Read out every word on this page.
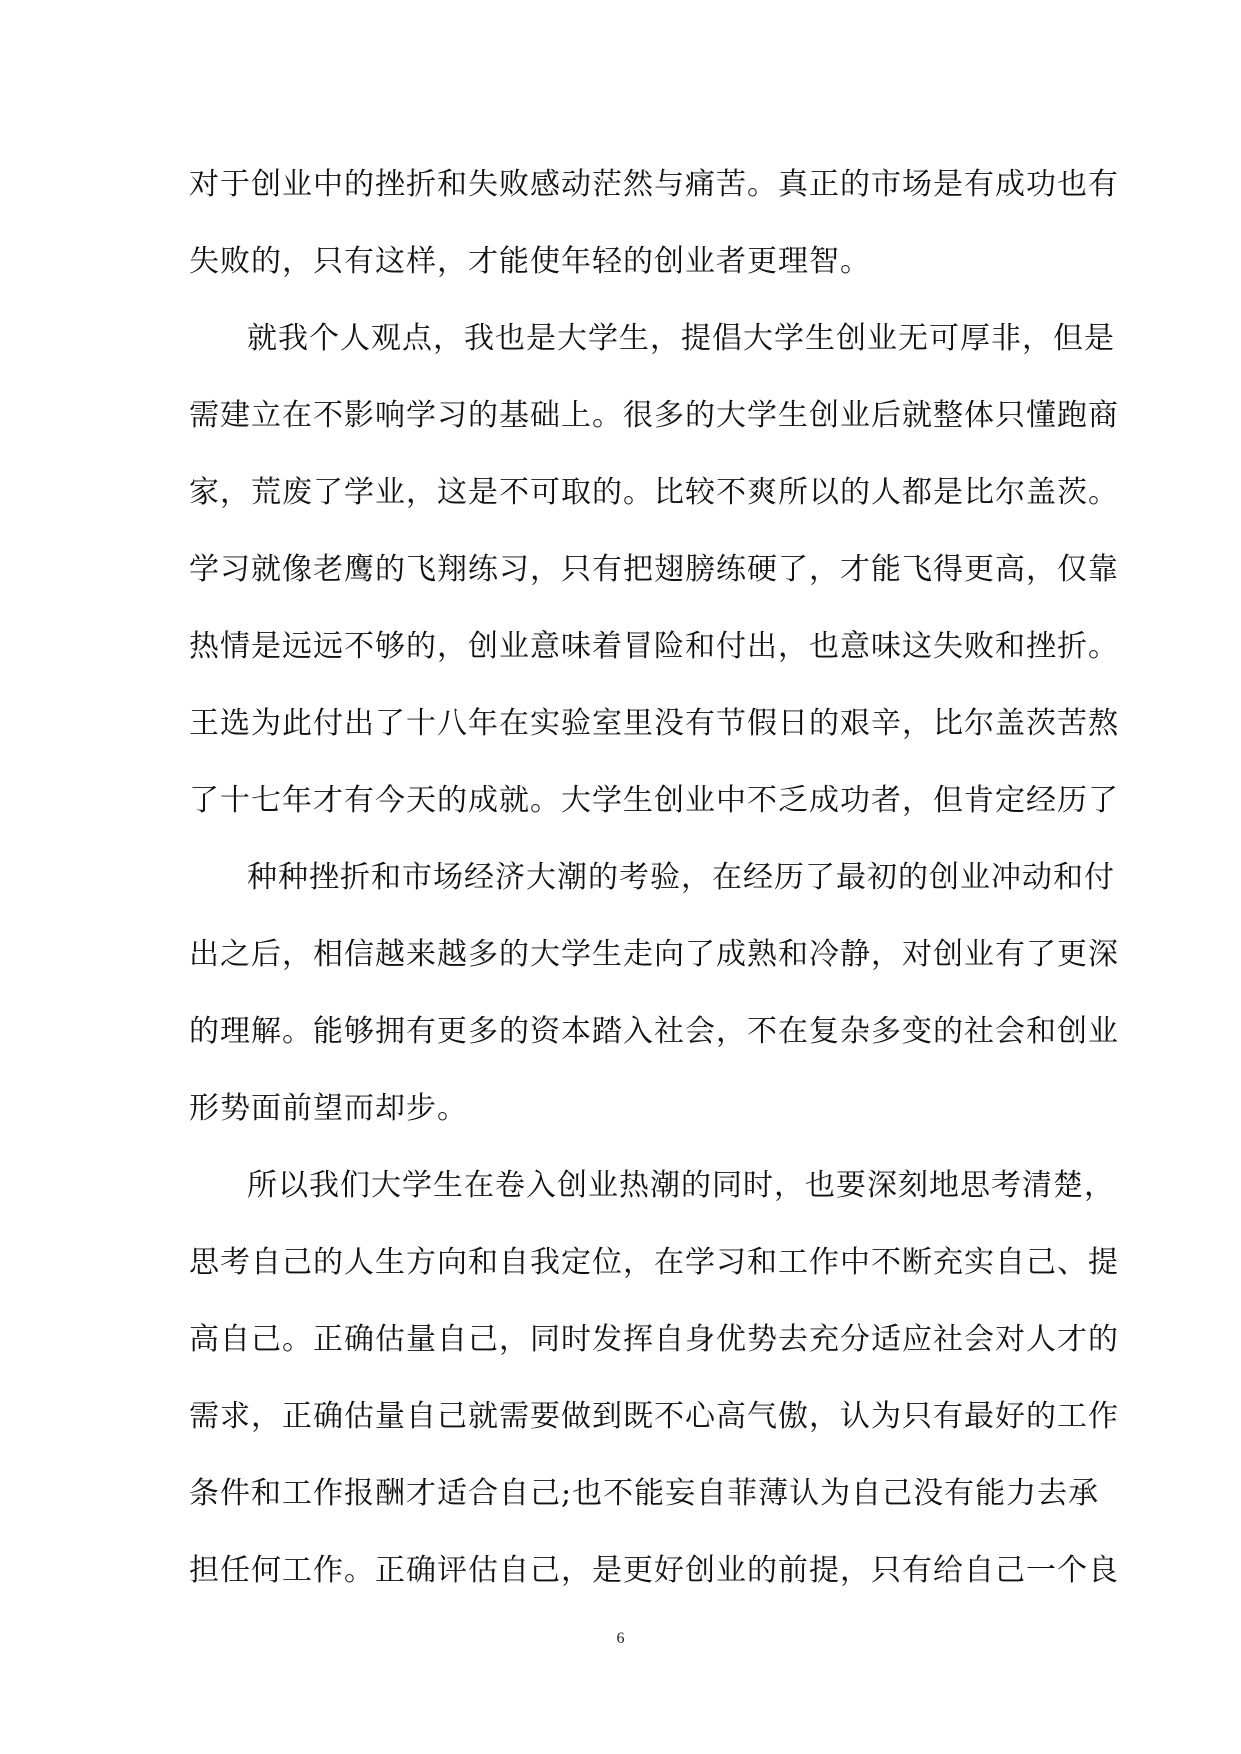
对于创业中的挫折和失败感动茫然与痛苦。真正的市场是有成功也有
失败的，只有这样，才能使年轻的创业者更理智。
就我个人观点，我也是大学生，提倡大学生创业无可厚非，但是
需建立在不影响学习的基础上。很多的大学生创业后就整体只懂跑商
家，荒废了学业，这是不可取的。比较不爽所以的人都是比尔盖茨。
学习就像老鹰的飞翔练习，只有把翅膀练硬了，才能飞得更高，仅靠
热情是远远不够的，创业意味着冒险和付出，也意味这失败和挫折。
王选为此付出了十八年在实验室里没有节假日的艰辛，比尔盖茨苦熬
了十七年才有今天的成就。大学生创业中不乏成功者，但肯定经历了
种种挫折和市场经济大潮的考验，在经历了最初的创业冲动和付
出之后，相信越来越多的大学生走向了成熟和冷静，对创业有了更深
的理解。能够拥有更多的资本踏入社会，不在复杂多变的社会和创业
形势面前望而却步。
所以我们大学生在卷入创业热潮的同时，也要深刻地思考清楚，
思考自己的人生方向和自我定位，在学习和工作中不断充实自己、提
高自己。正确估量自己，同时发挥自身优势去充分适应社会对人才的
需求，正确估量自己就需要做到既不心高气傲，认为只有最好的工作
条件和工作报酬才适合自己;也不能妄自菲薄认为自己没有能力去承
担任何工作。正确评估自己，是更好创业的前提，只有给自己一个良
6
